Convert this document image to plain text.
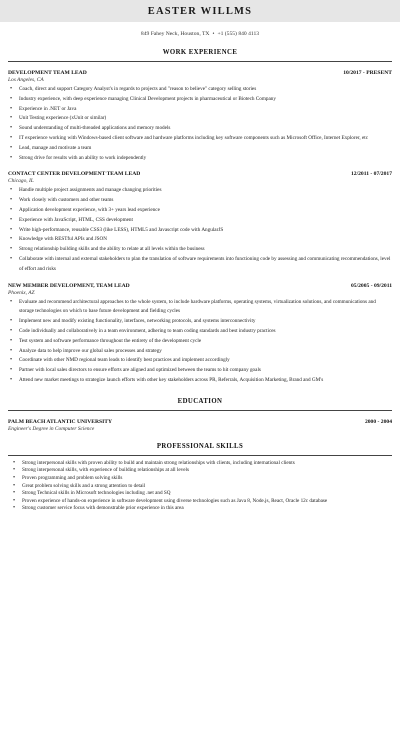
EASTER WILLMS
849 Fahey Neck, Houston, TX • +1 (555) 840 4113
WORK EXPERIENCE
DEVELOPMENT TEAM LEAD	10/2017 - PRESENT
Los Angeles, CA
• Coach, direct and support Category Analyst's in regards to projects and "reason to believe" category selling stories
• Industry experience, with deep experience managing Clinical Development projects in pharmaceutical or Biotech Company
• Experience in .NET or Java
• Unit Testing experience (xUnit or similar)
• Sound understanding of multi-threaded applications and memory models
• IT experience working with Windows-based client software and hardware platforms including key software components such as Microsoft Office, Internet Explorer, etc
• Lead, manage and motivate a team
• Strong drive for results with an ability to work independently
CONTACT CENTER DEVELOPMENT TEAM LEAD	12/2011 - 07/2017
Chicago, IL
• Handle multiple project assignments and manage changing priorities
• Work closely with customers and other teams
• Application development experience, with 3+ years lead experience
• Experience with JavaScript, HTML, CSS development
• Write high-performance, reusable CSS3 (like LESS), HTML5 and Javascript code with AngularJS
• Knowledge with RESTful APIs and JSON
• Strong relationship building skills and the ability to relate at all levels within the business
• Collaborate with internal and external stakeholders to plan the translation of software requirements into functioning code by assessing and communicating recommendations, level of effort and risks
NEW MEMBER DEVELOPMENT, TEAM LEAD	05/2005 - 09/2011
Phoenix, AZ
• Evaluate and recommend architectural approaches to the whole system, to include hardware platforms, operating systems, virtualization solutions, and communications and storage technologies on which to base future development and fielding cycles
• Implement new and modify existing functionality, interfaces, networking protocols, and systems interconnectivity
• Code individually and collaboratively in a team environment, adhering to team coding standards and best industry practices
• Test system and software performance throughout the entirety of the development cycle
• Analyze data to help improve our global sales processes and strategy
• Coordinate with other NMD regional team leads to identify best practices and implement accordingly
• Partner with local sales directors to ensure efforts are aligned and optimized between the teams to hit company goals
• Attend new market meetings to strategize launch efforts with other key stakeholders across PR, Referrals, Acquisition Marketing, Brand and GM's
EDUCATION
PALM BEACH ATLANTIC UNIVERSITY	2000 - 2004
Engineer's Degree in Computer Science
PROFESSIONAL SKILLS
• Strong interpersonal skills with proven ability to build and maintain strong relationships with clients, including international clients
• Strong interpersonal skills, with experience of building relationships at all levels
• Proven programming and problem solving skills
• Great problem solving skills and a strong attention to detail
• Strong Technical skills in Microsoft technologies including .net and SQ
• Proven experience of hands-on experience in software development using diverse technologies such as Java 8, Node.js, React, Oracle 12c database
• Strong customer service focus with demonstrable prior experience in this area
